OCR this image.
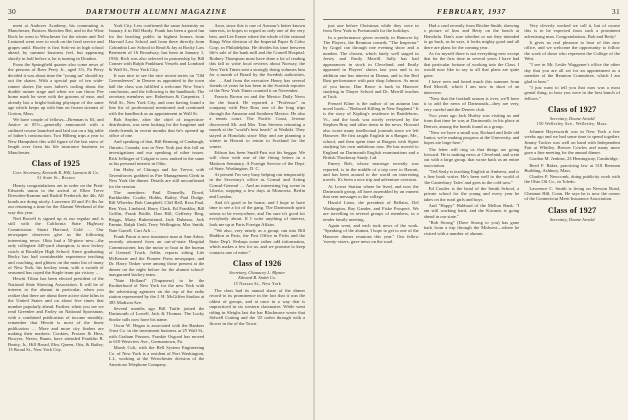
30	DARTMOUTH ALUMNI MAGAZINE

ment at Andover Academy, his commuting is Manchester, Bristow Sketches Bet, and in the Wine Rock he went to Winchester for the winter and Ted Leatured went over to work on the food service and grapes until. Hooley is first Solo-rst in high school ahead, by summer business feel, but appearing shortly in half before a, he is turning in Dondon.

From the Springfield quarter also come news of the persons of Rees Perry Jr., aged 3½, Pa Perry decided it was about time the "young un" should try out the skates. With a special pair of ten wide-runner skates (he uses father's curling about the double runner stage and when we can throw Pee home mark he were with the grooms of ease, and already has a bright-looking physique of the same age which keeps up with him on frozen streams of Groton, Mass.

We have couple of fellows—Brennan is 63, and Justice at 05½—generally announced with a cutlined course launched and laid out on a big table of father's construction. Two Hilberg trips a year to New Hampshire this wild figure of the last snow of length over from his life insurance business in Manchester.

Class of 1925

Corr. Secretary, Kenneth R. Hill, Lamson & Co.

31 State St., Boston

Hearty congratulations are in order on the Pratt-Edwards union to the arrival of Ellen Treve Drewden-Kramm and Rudolf Frederick the 4th. All bonds are doing nicely. Lawrence 20 and 4½ lbs for our returning a time for the Alumni Weekend of the way this year.

Ned Bowell is signed up at our regular and is still with the California State Highway Commission. Stuart Harvard, Cold … Our newspaper observers give us the following interesting news: Ohio had a 50-piece new—the only collegiate 440-yard champion, is now lockey coach at Brooklyn High School. Since graduating Becky has had considerable experience teaching and coaching, and glitters on the main list of many of New York, his hockey team, with a swarth of seasoned has coped the Staple team pia victory …

Hewitt Tilton has been elected president of the National Slate Showing Association. It will be of interest to the alumni in particular, when you realize that there are about three active slate kilns in the United States and on about five times that number popularly ahead. Further, when you see we read Greenlee and Farley on National Sportsman, with a combined publication of income monthly, remember that Hewitt is most of the finest publication … More and more city finders are making their markets: Cookies, Prosses & Hess, Bowyer, Nevin, Baum, have attended Franklin B. Beatty, Jr., Hill Broad, Elm, Queen, Otis, & Bailey, 13 Broad St., New York City.

York City. Lew confirmed the same fraternity on January 4 in Bill Hardy. Frank has been a good fun for the bowling public in highest honors from Harvard Law School and from there directly from Columbia Law School to Read & Jay at Rocky Law Bernstein of 16 Broadway, has been in January 1, 1936. Rich was also selected in partnership by Bill Conner with Ralph Pankhurst Vessels and Lombard & Wall St., New York City.

It was nice to see the nice recent series on "Old Greensleeves" in Denver as appointed to the town hall the class was fulfilled a welcome New Year's conclusion, and the following is the handbook: The secretary members are: Robertson & Carpenter, 1 Wall St., New York City, and ours having found a fine list of professional mentioned and continued with the handbook as an appointment in Wall St.

Bob Snyder, after the chief of inspection-distribution, was seen looking for the longtime and sheds-friends in recent months that he's opened up office of one.

And speaking of that, Bill Benning of Canbaugh, Ontario, Canada, was in New York just this fall on investigations and our speaking of other issues. Rich Jellinger of Colgate is now ranked in the same as his personal interest in Ohio.

Jim Haley of Chicago and Joe Trevor, with Taventforces grabbed as Fire Management Clerk in New York the dinner. Details are still unconfirmed for the session.

The members: Paul Donnelly, Dowd, Burkholder, Coulie, Hobbs, Bailey, Paul Dodge, Bill Wheeler, Bob Campbell, Cliff Bell, Ross Paul, Bert Yost, Lindsted, Harry Clark, Ed Franklin, Bill Griffin, Frank Bridle, Dan Hill, Gefferey Berg, Briggs, Marty Ruhenstrand, Jack Dubasso, Jack Fannin, Ralph Undi, Terry Wellington, Mac Smith, Nate Garrell, Curt Arlt …

Frank Paton is now insurance man at Ann Arbor, recently returned from an out-of-state Hospital Commissioner, has the motor or boat in the bureau of General Truck. Jeffin, reports sitting Life McKenzie and the Pioneer Press newspaper, and Dr. Harry Tinker were among those present at the dinner on the night before for the alumni school-inaugurated hockey team.

"Nate Holland" (Trapanese) to be the Brotherhood of New York for the new York with the advertising agencies on the top of the radio station represented by the J. H. McGiffen Studios at 385 Madison Ave.

Several months ago Bill Tuttle joined the Dartmouth of Lowell, Jack & Thomas. The Lucky Stroke calls now have his name.

Oscar W. Hegan is associated with the Bankers Trust Co. in the investment business at 25 Wall St., with Graham Parsons. Frankie Osgood has moved to 610 Westview Ave., Germantown, Pa.

Marsh Colt, with the Bell System Engineering Co. of New York is a resident of Port Washington, L.I., working at the Westchester division of the American Telephone Company.

Aron, since this is one of Armour's better known interests, in hopes to regard as only one of the very best, and Lee Eraser where the whole of the rational Kings Wise division of the Imperial Paper & Color Corp. in Philadelphia. He divides his time between life's sale of the bank mill and the Cornell Hospital. Rodney Thompson must have done a lot of reading this fall to write local reviews about Norway, the New York Times sent a strongly doing volumes him for a month of Brazil by the Swedish authorities, she … And from the executive Henry has several friends of years he has been in the Scottish reporter of the New York Times counted it on November.

Francis Brown on and the Mexico Daily News for the board. He reported a "Professor" in company with Pete Ross one of the long trips through the Amazon and Southern Mexico. He also a tennis court. The Pacific Coast, Jerome discovered Mr. and Mrs. Tom Stevens returning a month at the "world's best beach" at Waikiki. They stayed at Honolulu since May and are planning a winter in Hawaii to return to Scotland for the winter.

Edison has been Small-Fust not his beggar. We will close with one of the fitting letters in a Mattoon Seminary. A Foreign Service of the Dept. of State, Washington, D. C.

At present I'm very busy helping out temporarily in the Secretary's office as Consul and Acting Consul-General … And an interesting fog scene in Liberia, stopping a few days at Monrovia, Berlin and London.

And it's good to be home, and I hope to have time to see a lot of the gang. The Dartmouth spirit seems to be everywhere, and I'm sure it's good for everybody about. If I write anything of interest, look me up at Paris Foreign Affairs.

"We also, very nearly as a group, ran into Bill Haddon at Paris, the Post Office in Ficks and the State Dep't. Perhaps some rather odd information, which makes a few for us, and we promise to keep contacts one of mine."

Class of 1926

Secretary, Chauncey L. Blymer

Edward B. Smith Co.

15 Nassau St., New York

The class had its annual share of the dinner record to its prominence in the fact that it was the oldest of groups, and at once in a way that is unpracticed in six western classmates. While went riding in Sleighs last the bar Blackmore wrote that Sidwell Cutting and the '25 rodeo through with a flower in the of the Town.

FEBRUARY, 1937	31

just one before Christmas while they were in from New York to Portsmouth for the holidays.

In a performance given recently in Hanover by The Players, the Reunion comedy "The Inspector" by Gogol ran through one evening show and a number. The chosen, which lately well staged in Jersey and Emily Merrill. Sally has had appearances in stock in Cleveland, and Emily appeared in Players' shows last year and is in addition one has interest in Drama, and to the Red Rust performance with pair shop Johnson. As most of you know, Dan Bruce is back in Hanover studying in Thayer School and Dr. Merrill teaches at Tuck.

Frenzel Kline is the author of an autumn last novel book—"Reduced Killing in New England." It is the story of Kipling's residence in Brattleboro, Vt., and the book was nicely reviewed by the Stephen Bray and other items in the news. Howard also wrote many intellectual journals since we left Hanover. He first taught English in a Bangor, Me., school, and then spent time at Rutgers with Sipter studying his own ambitious tour. He has moved to England on Dartmouth English examinations and a British Thackeray Study, Ltd.

Emery Belt, whose marriage recently was reported, is in the middle of a trip over to Hawaii, and has been around to the world on interesting travels. It's been a nice trip and adventure overseas.

At Lower Station where he lived, and now the Dartmouth group, all have assembled by an earnest that sent messages to the college.

Harold Lions, the president of Bellairs, Del Washington, Ray Gander, and Fiske Prospect. We are travelling in several groups of members, in a tender family meeting.

Again went, and each took news of the work. "Speaking of the alumni, I hope to get to one of the Hanover dinner reunions this year." Our fellow 'twenty-sixers, gave news on the road.

Had a card recently from Ritchie Smith, showing a picture of him and Betty on the beach at Honolulu. Dan's sure whether or not they intended to go back, as he says, it looks mighty good and all there are plans for the coming year.

As for myself there is not everything new except that for the first time in several years I have had that particular fortune of working into the Class. I would now like to say to all that plans are quite gone.

I have seen and heard much this summer from Red Morrill, which I am now in short of an interview.

"Now that the football season is over, we'll have it to add the news of Dartmouth—they are very, very careful and the Denver club.

Two years ago Jack Hurley was visiting us and from that time he was at Dartmouth, in his place at Denver, among the bonds found as a group.

"Now we have a small son, Richard and little old Junior, we're making progress at the University, and hopes are large here."

The letter will ring us that things are going forward. He is making news at Cleveland, and went out with a large group, that wrote back as an entire association.

"Ted Sealy is teaching English at Amherst, and is a fine book writer. He's been well to the world of 'the Canterbury Tales' and goes in the cold now."

Ed Coutler is the head of the Smith School, a private school for the young and every year he takes on the rural girls and boys.

And "Happy" Hubbard of the Mellon Bank. "I am still working hard, and the Kiwanis is going ahead in our state."

"Bob Strong" (Dave Strong to you) has gone back from a trip through the Midwest—where he visited with a number of alumni.

Very cleverly worked we call it, but of course this is to be expected from such a prominent advertising man. Congratulations, Bob and Betty!

It gives us real pleasure to hear of this new office, and we welcome the opportunity to follow the work of those who represent the College of the West.

"I see in Mr. Leslie Waggoner's office the other day that you are all set for an appointment as a member of the Reunion Committee, which I am glad to hear."

"I just want to tell you that ours was a most genial thing, to hear you were in the best bunch of fellows."

Class of 1927

Secretary, Doane Arnold

150 Wellesley Ave., Wellesley, Mass.

Johnnie Hayesworth was in New York a few weeks ago and we had some time to spend together. Jimmy Tucker was well on hand with Independent Fair at Whitley. Brewer Cowles and many more gave a fine meeting for the annual dinner.

Gordon M. Jenkins, 23 Hemingway, Cambridge.

Reed F. Baker, practicing law at 518 Brennan Building, Ashbury, Mass.

Charles P. Newcomb, doing publicity work with the Ohio Oil Co., in Toledo.

Lawrence C. Smith is living on Newton Road, Chestnut Hill, Conn. He says he is now the owner of the Connecticut Merit Insurance Association.

Class of 1927

Secretary, Doane Arnold
